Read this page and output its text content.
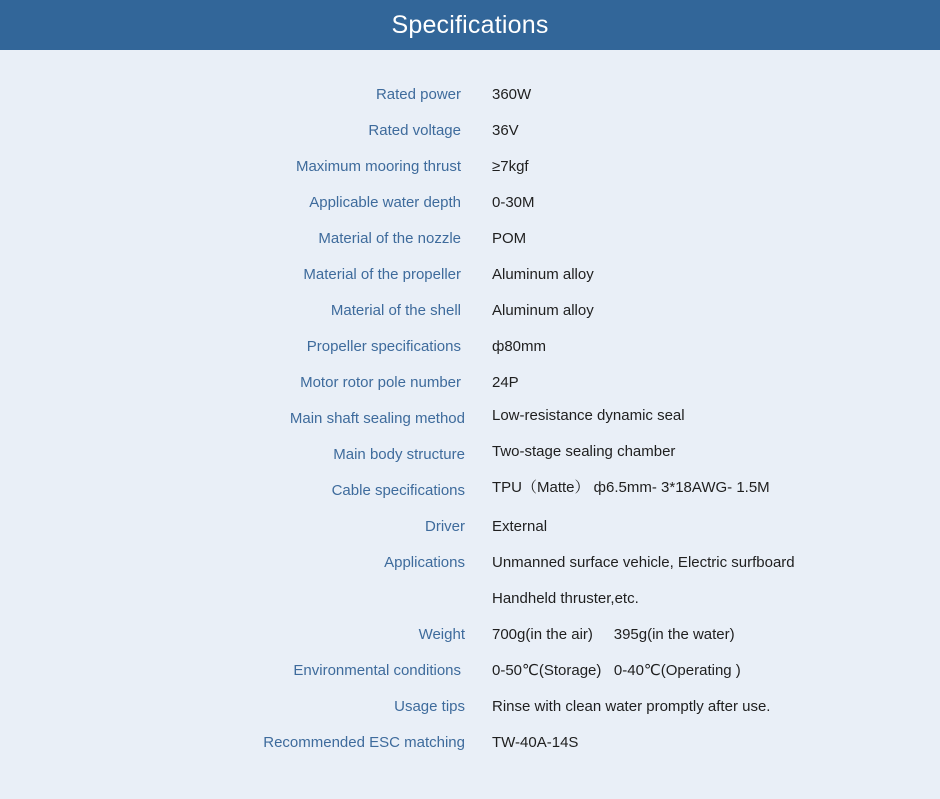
Specifications
Rated power 360W
Rated voltage 36V
Maximum mooring thrust ≥7kgf
Applicable water depth 0-30M
Material of the nozzle POM
Material of the propeller Aluminum alloy
Material of the shell Aluminum alloy
Propeller specifications ф80mm
Motor rotor pole number 24P
Main shaft sealing method Low-resistance dynamic seal
Main body structure Two-stage sealing chamber
Cable specifications TPU（Matte） ф6.5mm- 3*18AWG- 1.5M
Driver External
Applications Unmanned surface vehicle, Electric surfboard
Handheld thruster,etc.
Weight 700g(in the air)     395g(in the water)
Environmental conditions 0-50℃(Storage)   0-40℃(Operating )
Usage tips Rinse with clean water promptly after use.
Recommended ESC matching TW-40A-14S
